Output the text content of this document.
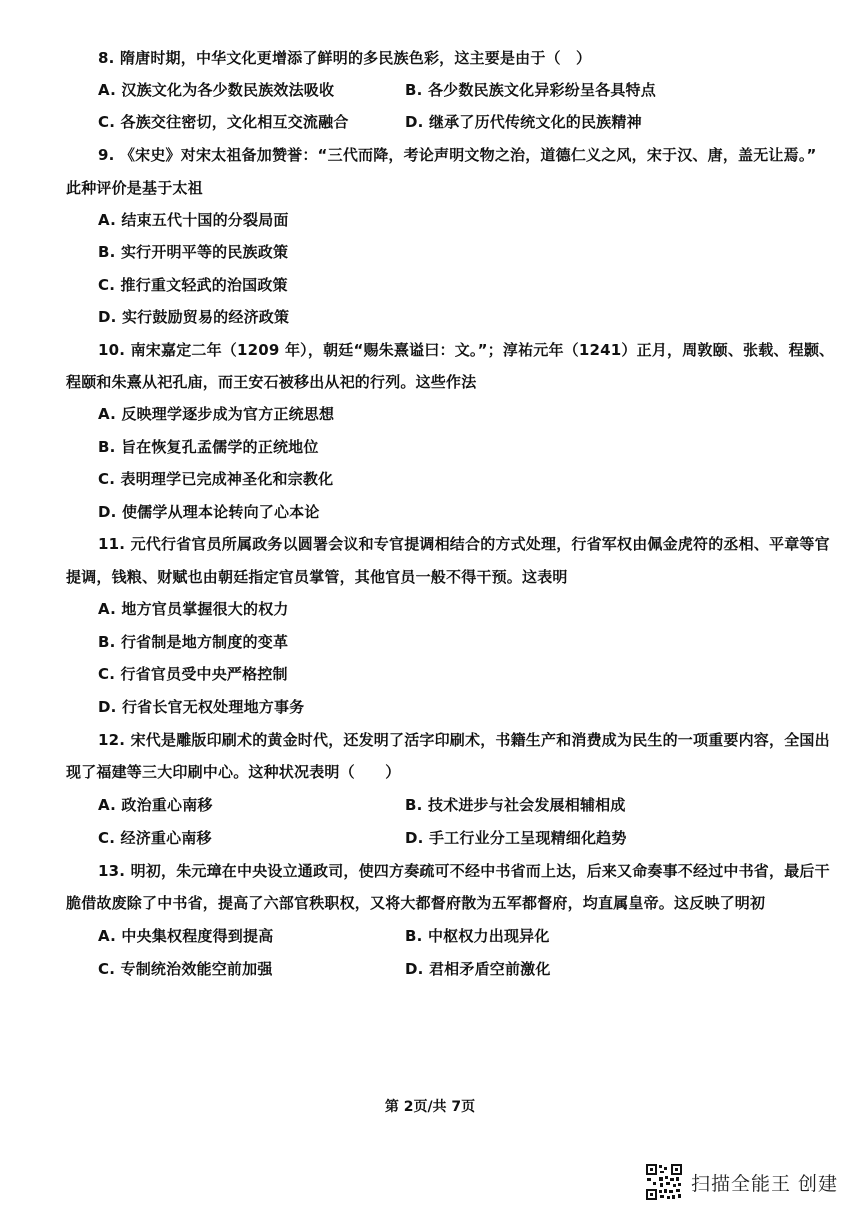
8. 隋唐时期，中华文化更增添了鲜明的多民族色彩，这主要是由于（　）
A. 汉族文化为各少数民族效法吸收	B. 各少数民族文化异彩纷呈各具特点
C. 各族交往密切，文化相互交流融合	D. 继承了历代传统文化的民族精神
9. 《宋史》对宋太祖备加赞誉：“三代而降，考论声明文物之治，道德仁义之风，宋于汉、唐，盖无让焉。”
此种评价是基于太祖
A. 结束五代十国的分裂局面
B. 实行开明平等的民族政策
C. 推行重文轻武的治国政策
D. 实行鼓励贸易的经济政策
10. 南宋嘉定二年（1209 年），朝廷“赐朱熹谥曰：文。”；淳祐元年（1241）正月，周敦颐、张载、程颢、
程颐和朱熹从祀孔庙，而王安石被移出从祀的行列。这些作法
A. 反映理学逐步成为官方正统思想
B. 旨在恢复孔孟儒学的正统地位
C. 表明理学已完成神圣化和宗教化
D. 使儒学从理本论转向了心本论
11. 元代行省官员所属政务以圆署会议和专官提调相结合的方式处理，行省军权由佩金虎符的丞相、平章等官
提调，钱粮、财赋也由朝廷指定官员掌管，其他官员一般不得干预。这表明
A. 地方官员掌握很大的权力
B. 行省制是地方制度的变革
C. 行省官员受中央严格控制
D. 行省长官无权处理地方事务
12. 宋代是雕版印刷术的黄金时代，还发明了活字印刷术，书籍生产和消费成为民生的一项重要内容，全国出
现了福建等三大印刷中心。这种状况表明（　　）
A. 政治重心南移	B. 技术进步与社会发展相辅相成
C. 经济重心南移	D. 手工行业分工呈现精细化趋势
13. 明初，朱元璋在中央设立通政司，使四方奏疏可不经中书省而上达，后来又命奏事不经过中书省，最后干
脆借故废除了中书省，提高了六部官秩职权，又将大都督府散为五军都督府，均直属皇帝。这反映了明初
A. 中央集权程度得到提高	B. 中枢权力出现异化
C. 专制统治效能空前加强	D. 君相矛盾空前激化
第 2页/共 7页
扫描全能王 创建
